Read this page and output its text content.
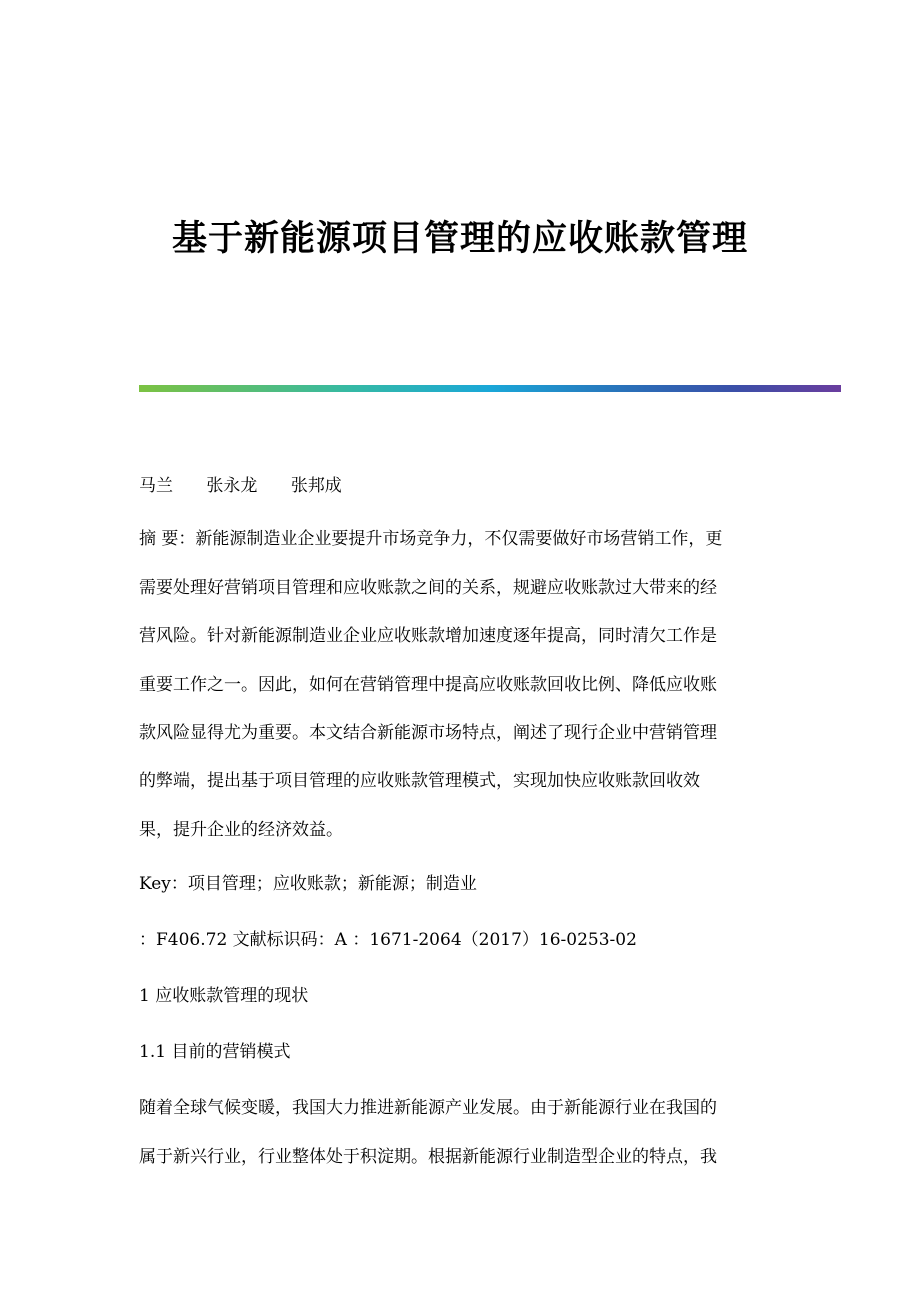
基于新能源项目管理的应收账款管理
马兰 张永龙 张邦成
摘 要：新能源制造业企业要提升市场竞争力，不仅需要做好市场营销工作，更
需要处理好营销项目管理和应收账款之间的关系，规避应收账款过大带来的经
营风险。针对新能源制造业企业应收账款增加速度逐年提高，同时清欠工作是
重要工作之一。因此，如何在营销管理中提高应收账款回收比例、降低应收账
款风险显得尤为重要。本文结合新能源市场特点，阐述了现行企业中营销管理
的弊端，提出基于项目管理的应收账款管理模式，实现加快应收账款回收效
果，提升企业的经济效益。
Key：项目管理；应收账款；新能源；制造业
：F406.72 文献标识码：A ：1671-2064（2017）16-0253-02
1 应收账款管理的现状
1.1 目前的营销模式
随着全球气候变暖，我国大力推进新能源产业发展。由于新能源行业在我国的
属于新兴行业，行业整体处于积淀期。根据新能源行业制造型企业的特点，我
